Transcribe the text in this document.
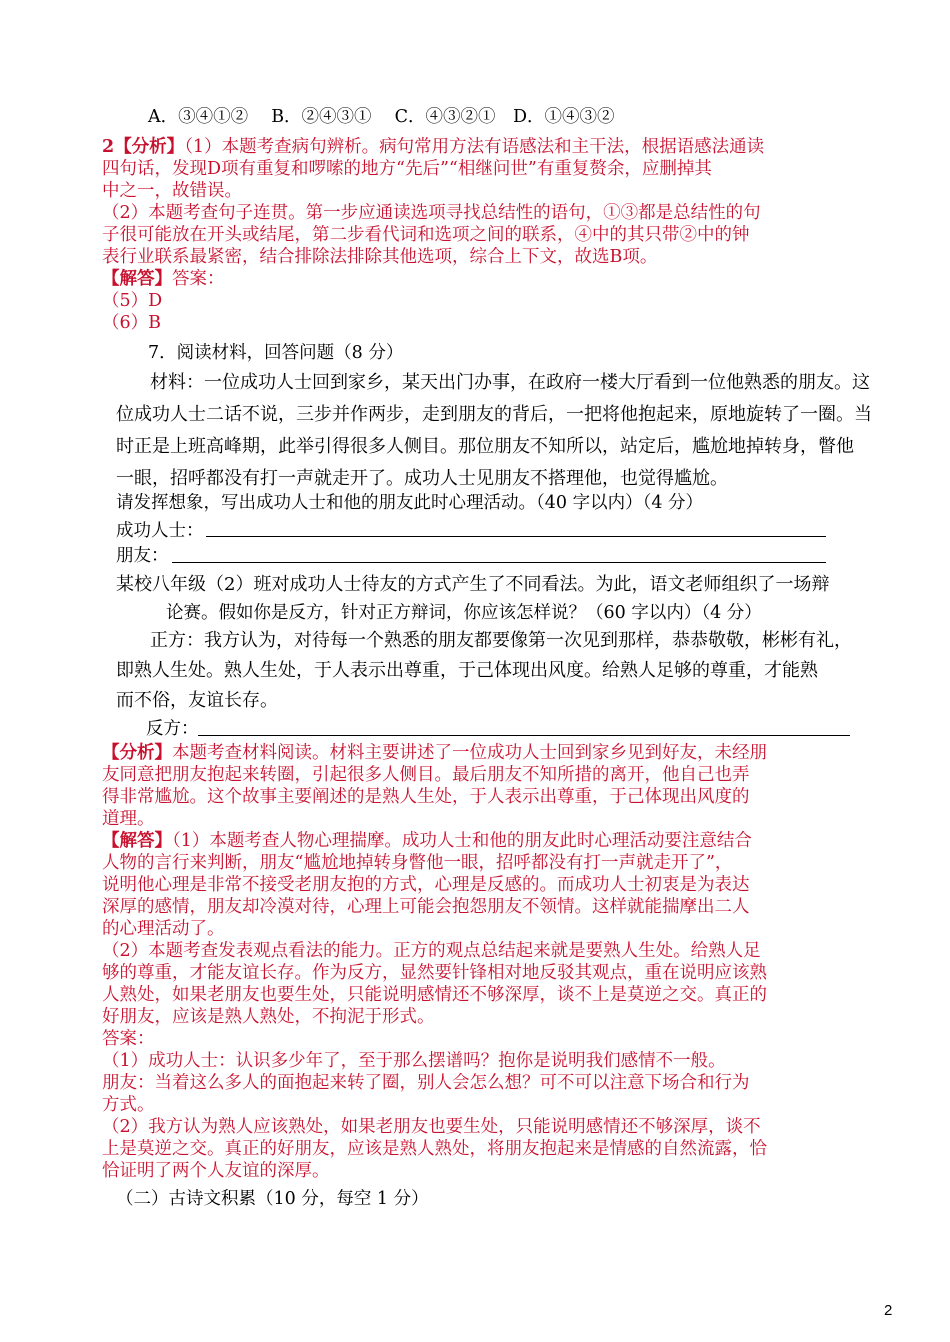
A．③④①②　 B．②④③①　 C．④③②①　D．①④③②
2【分析】（1）本题考查病句辨析。病句常用方法有语感法和主干法，根据语感法通读
四句话，发现D项有重复和啰嗦的地方“先后”“相继问世”有重复赘余，应删掉其
中之一，故错误。
（2）本题考查句子连贯。第一步应通读选项寻找总结性的语句，①③都是总结性的句
子很可能放在开头或结尾，第二步看代词和选项之间的联系，④中的其只带②中的钟
表行业联系最紧密，结合排除法排除其他选项，综合上下文，故选B项。
【解答】答案：
（5）D
（6）B
7．阅读材料，回答问题（8 分）
材料：一位成功人士回到家乡，某天出门办事，在政府一楼大厅看到一位他熟悉的朋友。这
位成功人士二话不说，三步并作两步，走到朋友的背后，一把将他抱起来，原地旋转了一圈。当
时正是上班高峰期，此举引得很多人侧目。那位朋友不知所以，站定后，尴尬地掉转身，瞥他
一眼，招呼都没有打一声就走开了。成功人士见朋友不搭理他，也觉得尴尬。
请发挥想象，写出成功人士和他的朋友此时心理活动。（40 字以内）（4 分）
成功人士：
朋友：
某校八年级（2）班对成功人士待友的方式产生了不同看法。为此，语文老师组织了一场辩
论赛。假如你是反方，针对正方辩词，你应该怎样说？（60 字以内）（4 分）
正方：我方认为，对待每一个熟悉的朋友都要像第一次见到那样，恭恭敬敬，彬彬有礼，
即熟人生处。熟人生处，于人表示出尊重，于己体现出风度。给熟人足够的尊重，才能熟
而不俗，友谊长存。
反方：
【分析】本题考查材料阅读。材料主要讲述了一位成功人士回到家乡见到好友，未经朋
友同意把朋友抱起来转圈，引起很多人侧目。最后朋友不知所措的离开，他自己也弄
得非常尴尬。这个故事主要阐述的是熟人生处，于人表示出尊重，于己体现出风度的
道理。
【解答】（1）本题考查人物心理揣摩。成功人士和他的朋友此时心理活动要注意结合
人物的言行来判断，朋友“尴尬地掉转身瞥他一眼，招呼都没有打一声就走开了”，
说明他心理是非常不接受老朋友抱的方式，心理是反感的。而成功人士初衷是为表达
深厚的感情，朋友却冷漠对待，心理上可能会抱怨朋友不领情。这样就能揣摩出二人
的心理活动了。
（2）本题考查发表观点看法的能力。正方的观点总结起来就是要熟人生处。给熟人足
够的尊重，才能友谊长存。作为反方，显然要针锋相对地反驳其观点，重在说明应该熟
人熟处，如果老朋友也要生处，只能说明感情还不够深厚，谈不上是莫逆之交。真正的
好朋友，应该是熟人熟处，不拘泥于形式。
答案：
（1）成功人士：认识多少年了，至于那么摆谱吗？抱你是说明我们感情不一般。
朋友：当着这么多人的面抱起来转了圈，别人会怎么想？可不可以注意下场合和行为
方式。
（2）我方认为熟人应该熟处，如果老朋友也要生处，只能说明感情还不够深厚，谈不
上是莫逆之交。真正的好朋友，应该是熟人熟处，将朋友抱起来是情感的自然流露，恰
恰证明了两个人友谊的深厚。
（二）古诗文积累（10 分，每空 1 分）
2
